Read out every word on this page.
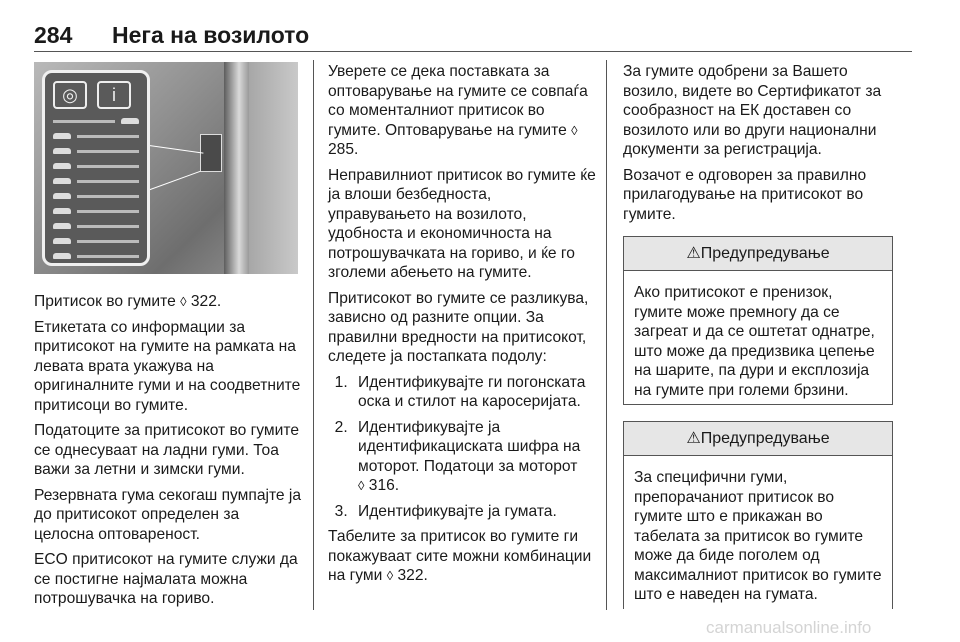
284 Нега на возилото
◎	i

Притисок во гумите ◊ 322.

Етикетата со информации за притисокот на гумите на рамката на левата врата укажува на оригиналните гуми и на соодветните притисоци во гумите.

Податоците за притисокот во гумите се однесуваат на ладни гуми. Тоа важи за летни и зимски гуми.

Резервната гума секогаш пумпајте ја до притисокот определен за целосна оптовареност.

ECO притисокот на гумите служи да се постигне најмалата можна потрошувачка на гориво.

Уверете се дека поставката за оптоварување на гумите се совпаѓа со моменталниот притисок во гумите. Оптоварување на гумите ◊ 285.

Неправилниот притисок во гумите ќе ја влоши безбедноста, управувањето на возилото, удобноста и економичноста на потрошувачката на гориво, и ќе го зголеми абењето на гумите.

Притисокот во гумите се разликува, зависно од разните опции. За правилни вредности на притисокот, следете ја постапката подолу:

1. Идентификувајте ги погонската оска и стилот на каросеријата.
2. Идентификувајте ја идентификациската шифра на моторот. Податоци за моторот
◊ 316.
3. Идентификувајте ја гумата.

Табелите за притисок во гумите ги покажуваат сите можни комбинации на гуми ◊ 322.

За гумите одобрени за Вашето возило, видете во Сертификатот за сообразност на ЕК доставен со возилото или во други национални документи за регистрација.

Возачот е одговорен за правилно прилагодување на притисокот во гумите.

⚠Предупредување
Ако притисокот е пренизок, гумите може премногу да се загреат и да се оштетат однатре, што може да предизвика цепење на шарите, па дури и експлозија на гумите при големи брзини.
⚠Предупредување
За специфични гуми, препорачаниот притисок во гумите што е прикажан во табелата за притисок во гумите може да биде поголем од максималниот притисок во гумите што е наведен на гумата.
carmanualsonline.info
